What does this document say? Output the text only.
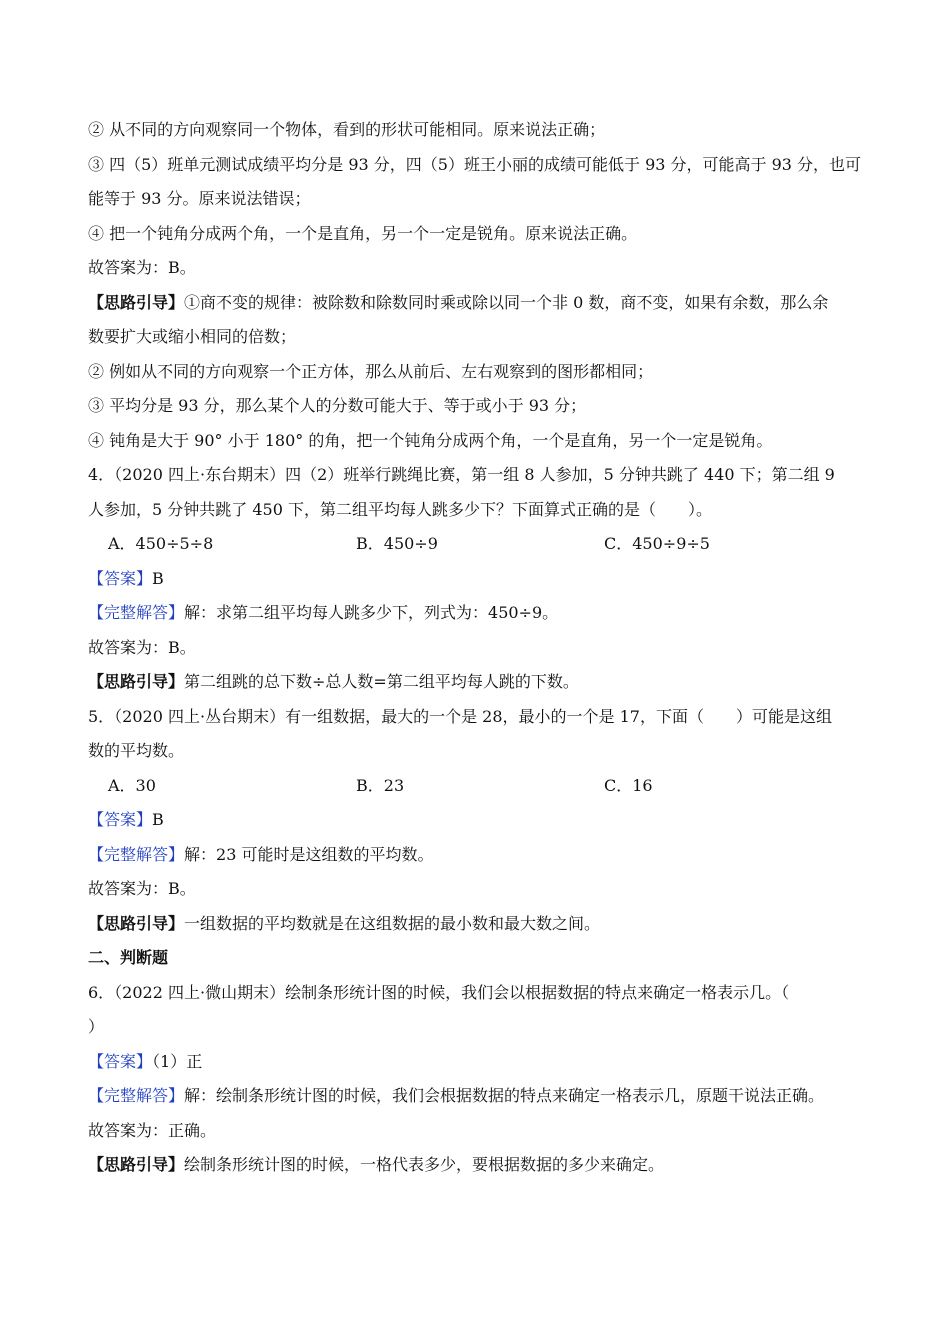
② 从不同的方向观察同一个物体，看到的形状可能相同。原来说法正确；
③ 四（5）班单元测试成绩平均分是 93 分，四（5）班王小丽的成绩可能低于 93 分，可能高于 93 分，也可
能等于 93 分。原来说法错误；
④ 把一个钝角分成两个角，一个是直角，另一个一定是锐角。原来说法正确。
故答案为：B。
【思路引导】①商不变的规律：被除数和除数同时乘或除以同一个非 0 数，商不变，如果有余数，那么余
数要扩大或缩小相同的倍数；
② 例如从不同的方向观察一个正方体，那么从前后、左右观察到的图形都相同；
③ 平均分是 93 分，那么某个人的分数可能大于、等于或小于 93 分；
④ 钝角是大于 90° 小于 180° 的角，把一个钝角分成两个角，一个是直角，另一个一定是锐角。
4．（2020 四上·东台期末）四（2）班举行跳绳比赛，第一组 8 人参加，5 分钟共跳了 440 下；第二组 9
人参加，5 分钟共跳了 450 下，第二组平均每人跳多少下？下面算式正确的是（　　）。
A．450÷5÷8	B．450÷9	C．450÷9÷5
【答案】B
【完整解答】解：求第二组平均每人跳多少下，列式为：450÷9。
故答案为：B。
【思路引导】第二组跳的总下数÷总人数=第二组平均每人跳的下数。
5．（2020 四上·丛台期末）有一组数据，最大的一个是 28，最小的一个是 17，下面（　　）可能是这组
数的平均数。
A．30	B．23	C．16
【答案】B
【完整解答】解：23 可能时是这组数的平均数。
故答案为：B。
【思路引导】一组数据的平均数就是在这组数据的最小数和最大数之间。
二、判断题
6．（2022 四上·微山期末）绘制条形统计图的时候，我们会以根据数据的特点来确定一格表示几。（
）
【答案】（1）正
【完整解答】解：绘制条形统计图的时候，我们会根据数据的特点来确定一格表示几，原题干说法正确。
故答案为：正确。
【思路引导】绘制条形统计图的时候，一格代表多少，要根据数据的多少来确定。
